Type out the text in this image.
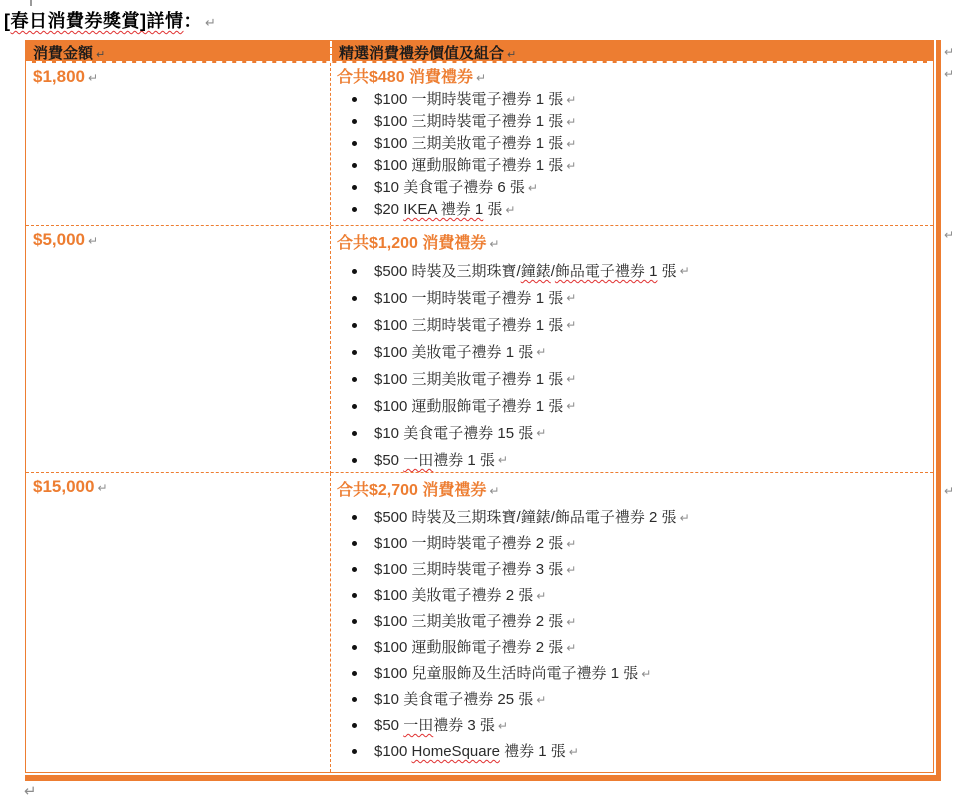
[春日消費券獎賞]詳情： ↵
消費金額 ↵	精選消費禮券價值及組合 ↵
$1,800 ↵	合共$480 消費禮券 ↵
$100 一期時裝電子禮券 1 張 ↵
$100 三期時裝電子禮券 1 張 ↵
$100 三期美妝電子禮券 1 張 ↵
$100 運動服飾電子禮券 1 張 ↵
$10 美食電子禮券 6 張 ↵
$20 IKEA 禮券 1 張 ↵
$5,000 ↵	合共$1,200 消費禮券 ↵
$500 時裝及三期珠寶/鐘錶/飾品電子禮券 1 張 ↵
$100 一期時裝電子禮券 1 張 ↵
$100 三期時裝電子禮券 1 張 ↵
$100 美妝電子禮券 1 張 ↵
$100 三期美妝電子禮券 1 張 ↵
$100 運動服飾電子禮券 1 張 ↵
$10 美食電子禮券 15 張 ↵
$50 一田禮券 1 張 ↵
$15,000 ↵	合共$2,700 消費禮券 ↵
$500 時裝及三期珠寶/鐘錶/飾品電子禮券 2 張 ↵
$100 一期時裝電子禮券 2 張 ↵
$100 三期時裝電子禮券 3 張 ↵
$100 美妝電子禮券 2 張 ↵
$100 三期美妝電子禮券 2 張 ↵
$100 運動服飾電子禮券 2 張 ↵
$100 兒童服飾及生活時尚電子禮券 1 張 ↵
$10 美食電子禮券 25 張 ↵
$50 一田禮券 3 張 ↵
$100 HomeSquare 禮券 1 張 ↵
↵
↵
↵
↵
↵
